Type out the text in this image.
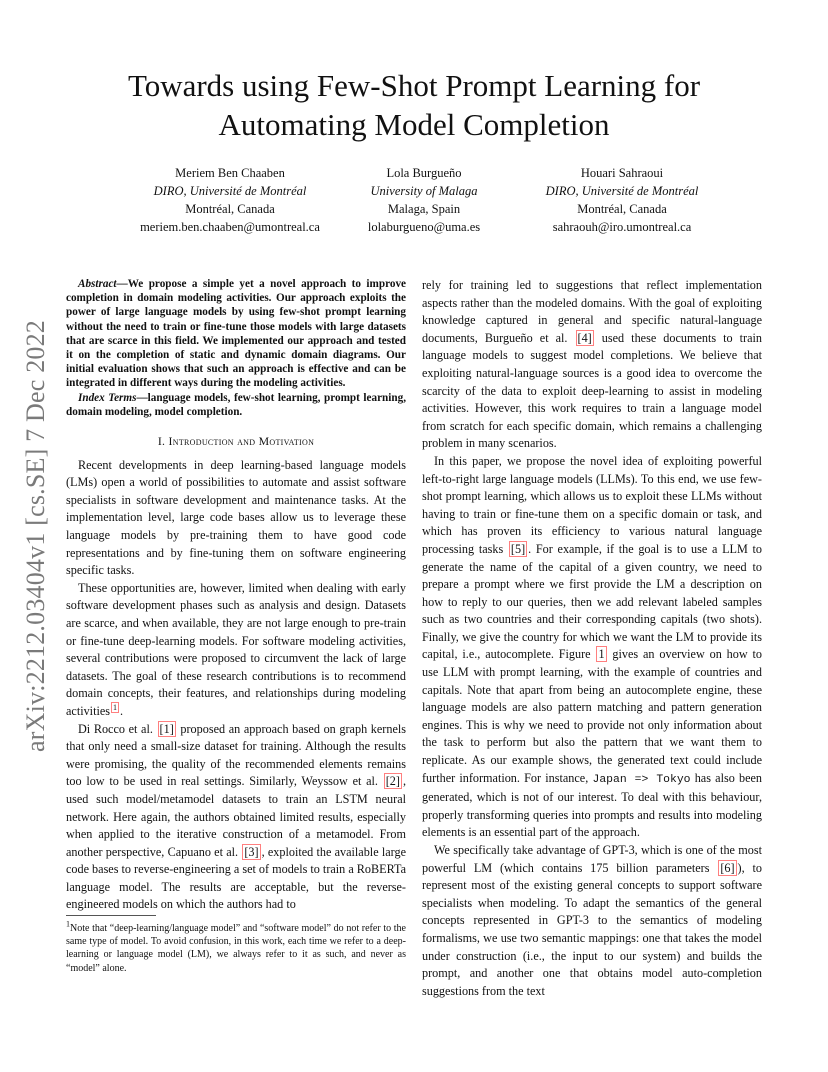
arXiv:2212.03404v1 [cs.SE] 7 Dec 2022
Towards using Few-Shot Prompt Learning for Automating Model Completion
Meriem Ben Chaaben
DIRO, Université de Montréal
Montréal, Canada
meriem.ben.chaaben@umontreal.ca
Lola Burgueño
University of Malaga
Malaga, Spain
lolaburgueno@uma.es
Houari Sahraoui
DIRO, Université de Montréal
Montréal, Canada
sahraouh@iro.umontreal.ca

Abstract—We propose a simple yet a novel approach to improve completion in domain modeling activities. Our approach exploits the power of large language models by using few-shot prompt learning without the need to train or fine-tune those models with large datasets that are scarce in this field. We implemented our approach and tested it on the completion of static and dynamic domain diagrams. Our initial evaluation shows that such an approach is effective and can be integrated in different ways during the modeling activities.

Index Terms—language models, few-shot learning, prompt learning, domain modeling, model completion.

I. Introduction and Motivation

Recent developments in deep learning-based language models (LMs) open a world of possibilities to automate and assist software specialists in software development and maintenance tasks. At the implementation level, large code bases allow us to leverage these language models by pre-training them to have good code representations and by fine-tuning them on software engineering specific tasks.

These opportunities are, however, limited when dealing with early software development phases such as analysis and design. Datasets are scarce, and when available, they are not large enough to pre-train or fine-tune deep-learning models. For software modeling activities, several contributions were proposed to circumvent the lack of large datasets. The goal of these research contributions is to recommend domain concepts, their features, and relationships during modeling activities $^1$ .

Di Rocco et al. [1] proposed an approach based on graph kernels that only need a small-size dataset for training. Although the results were promising, the quality of the recommended elements remains too low to be used in real settings. Similarly, Weyssow et al. [2] , used such model/metamodel datasets to train an LSTM neural network. Here again, the authors obtained limited results, especially when applied to the iterative construction of a metamodel. From another perspective, Capuano et al. [3] , exploited the available large code bases to reverse-engineering a set of models to train a RoBERTa language model. The results are acceptable, but the reverse-engineered models on which the authors had to

$^1$Note that “deep-learning/language model” and “software model” do not refer to the same type of model. To avoid confusion, in this work, each time we refer to a deep-learning or language model (LM), we always refer to it as such, and never as “model” alone.

rely for training led to suggestions that reflect implementation aspects rather than the modeled domains. With the goal of exploiting knowledge captured in general and specific natural-language documents, Burgueño et al. [4] used these documents to train language models to suggest model completions. We believe that exploiting natural-language sources is a good idea to overcome the scarcity of the data to exploit deep-learning to assist in modeling activities. However, this work requires to train a language model from scratch for each specific domain, which remains a challenging problem in many scenarios.

In this paper, we propose the novel idea of exploiting powerful left-to-right large language models (LLMs). To this end, we use few-shot prompt learning, which allows us to exploit these LLMs without having to train or fine-tune them on a specific domain or task, and which has proven its efficiency to various natural language processing tasks [5] . For example, if the goal is to use a LLM to generate the name of the capital of a given country, we need to prepare a prompt where we first provide the LM a description on how to reply to our queries, then we add relevant labeled samples such as two countries and their corresponding capitals (two shots). Finally, we give the country for which we want the LM to provide its capital, i.e., autocomplete. Figure 1 gives an overview on how to use LLM with prompt learning, with the example of countries and capitals. Note that apart from being an autocomplete engine, these language models are also pattern matching and pattern generation engines. This is why we need to provide not only information about the task to perform but also the pattern that we want them to replicate. As our example shows, the generated text could include further information. For instance, Japan => Tokyo has also been generated, which is not of our interest. To deal with this behaviour, properly transforming queries into prompts and results into modeling elements is an essential part of the approach.

We specifically take advantage of GPT-3, which is one of the most powerful LM (which contains 175 billion parameters [6] ), to represent most of the existing general concepts to support software specialists when modeling. To adapt the semantics of the general concepts represented in GPT-3 to the semantics of modeling formalisms, we use two semantic mappings: one that takes the model under construction (i.e., the input to our system) and builds the prompt, and another one that obtains model auto-completion suggestions from the text
